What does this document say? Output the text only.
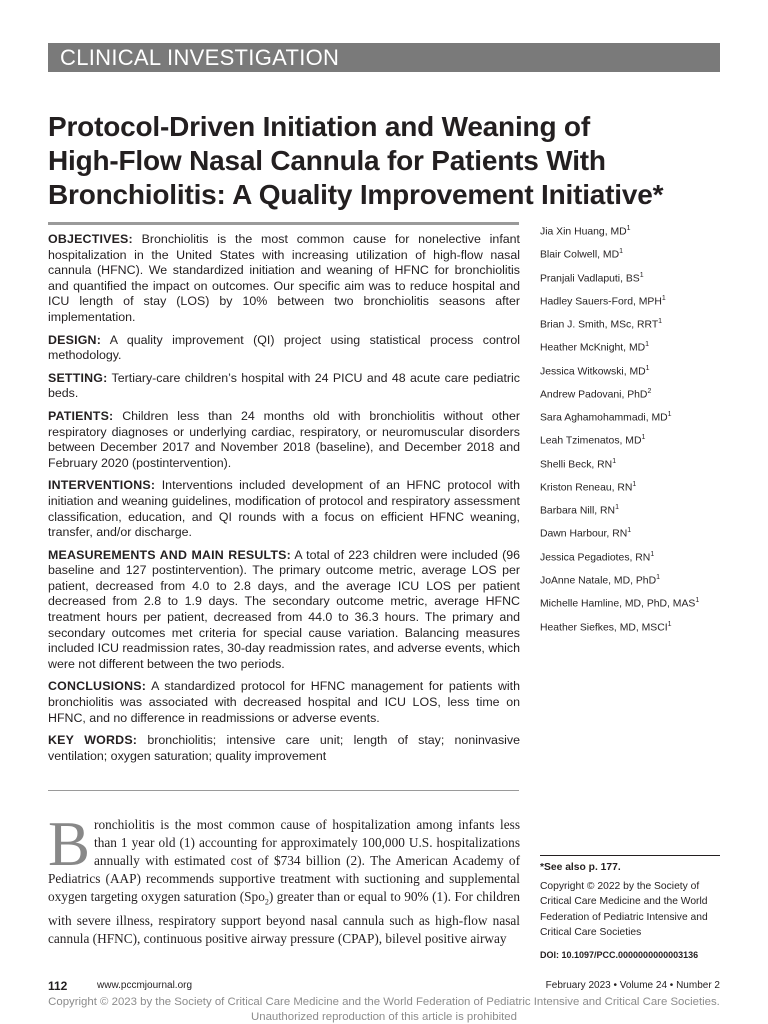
CLINICAL INVESTIGATION
Protocol-Driven Initiation and Weaning of
High-Flow Nasal Cannula for Patients With
Bronchiolitis: A Quality Improvement Initiative*

OBJECTIVES: Bronchiolitis is the most common cause for nonelective infant hospitalization in the United States with increasing utilization of high-flow nasal cannula (HFNC). We standardized initiation and weaning of HFNC for bronchiolitis and quantified the impact on outcomes. Our specific aim was to reduce hospital and ICU length of stay (LOS) by 10% between two bronchiolitis seasons after implementation.

DESIGN: A quality improvement (QI) project using statistical process control methodology.

SETTING: Tertiary-care children’s hospital with 24 PICU and 48 acute care pediatric beds.

PATIENTS: Children less than 24 months old with bronchiolitis without other respiratory diagnoses or underlying cardiac, respiratory, or neuromuscular disorders between December 2017 and November 2018 (baseline), and December 2018 and February 2020 (postintervention).

INTERVENTIONS: Interventions included development of an HFNC protocol with initiation and weaning guidelines, modification of protocol and respiratory assessment classification, education, and QI rounds with a focus on efficient HFNC weaning, transfer, and/or discharge.

MEASUREMENTS AND MAIN RESULTS: A total of 223 children were included (96 baseline and 127 postintervention). The primary outcome metric, average LOS per patient, decreased from 4.0 to 2.8 days, and the average ICU LOS per patient decreased from 2.8 to 1.9 days. The secondary outcome metric, average HFNC treatment hours per patient, decreased from 44.0 to 36.3 hours. The primary and secondary outcomes met criteria for special cause variation. Balancing measures included ICU readmission rates, 30-day readmission rates, and adverse events, which were not different between the two periods.

CONCLUSIONS: A standardized protocol for HFNC management for patients with bronchiolitis was associated with decreased hospital and ICU LOS, less time on HFNC, and no difference in readmissions or adverse events.

KEY WORDS: bronchiolitis; intensive care unit; length of stay; noninvasive ventilation; oxygen saturation; quality improvement

Jia Xin Huang, $MD^1$
Blair Colwell, $MD^1$
Pranjali Vadlaputi, $BS^1$
Hadley Sauers-Ford, MPH$^1$
Brian J. Smith, MSc, RRT$^1$
Heather McKnight, $MD^1$
Jessica Witkowski, $MD^1$
Andrew Padovani, PhD$^2$
Sara Aghamohammadi, $MD^1$
Leah Tzimenatos, $MD^1$
Shelli Beck, $RN^1$
Kriston Reneau, $RN^1$
Barbara Nill, $RN^1$
Dawn Harbour, $RN^1$
Jessica Pegadiotes, $RN^1$
JoAnne Natale, MD, PhD$^1$
Michelle Hamline, MD, PhD, MAS$^1$
Heather Siefkes, MD, MSCI$^1$
Bronchiolitis is the most common cause of hospitalization among infants less than 1 year old (1) accounting for approximately 100,000 U.S. hospitalizations annually with estimated cost of $734 billion (2). The American Academy of Pediatrics (AAP) recommends supportive treatment with suctioning and supplemental oxygen targeting oxygen saturation (Spo$_2$) greater than or equal to 90% (1). For children with severe illness, respiratory support beyond nasal cannula such as high-flow nasal cannula (HFNC), continuous positive airway pressure (CPAP), bilevel positive airway
*See also p. 177.
Copyright © 2022 by the Society of Critical Care Medicine and the World Federation of Pediatric Intensive and Critical Care Societies
DOI: 10.1097/PCC.0000000000003136
112	www.pccmjournal.org	February 2023 • Volume 24 • Number 2
Copyright © 2023 by the Society of Critical Care Medicine and the World Federation of Pediatric Intensive and Critical Care Societies.
Unauthorized reproduction of this article is prohibited
